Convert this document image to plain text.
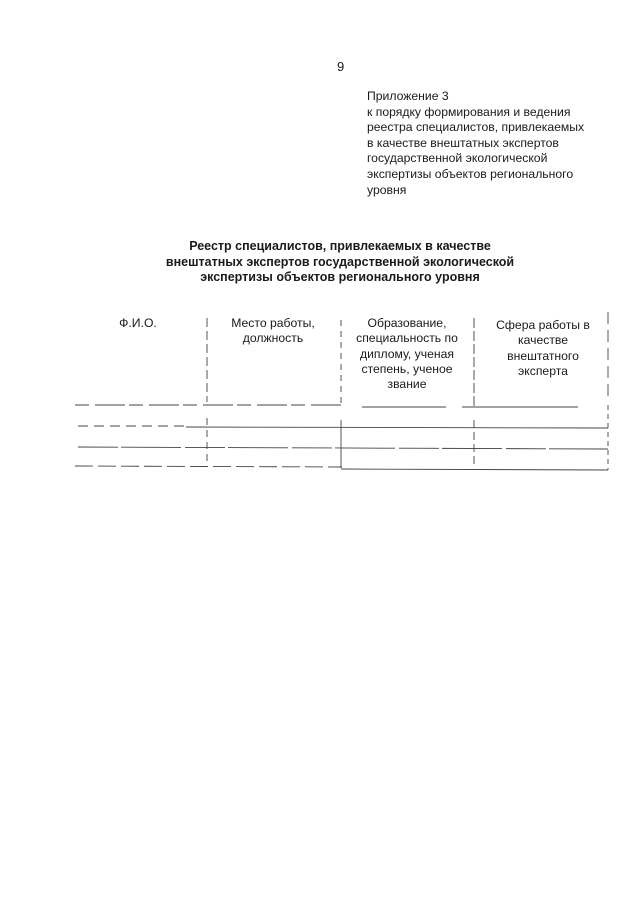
9
Приложение 3
к порядку формирования и ведения
реестра специалистов, привлекаемых
в качестве внештатных экспертов
государственной экологической
экспертизы объектов регионального
уровня
Реестр специалистов, привлекаемых в качестве
внештатных экспертов государственной экологической
экспертизы объектов регионального уровня
Ф.И.О.	Место работы,
должность
Образование,
специальность по
диплому, ученая
степень, ученое
звание
Сфера работы в
качестве
внештатного
эксперта
